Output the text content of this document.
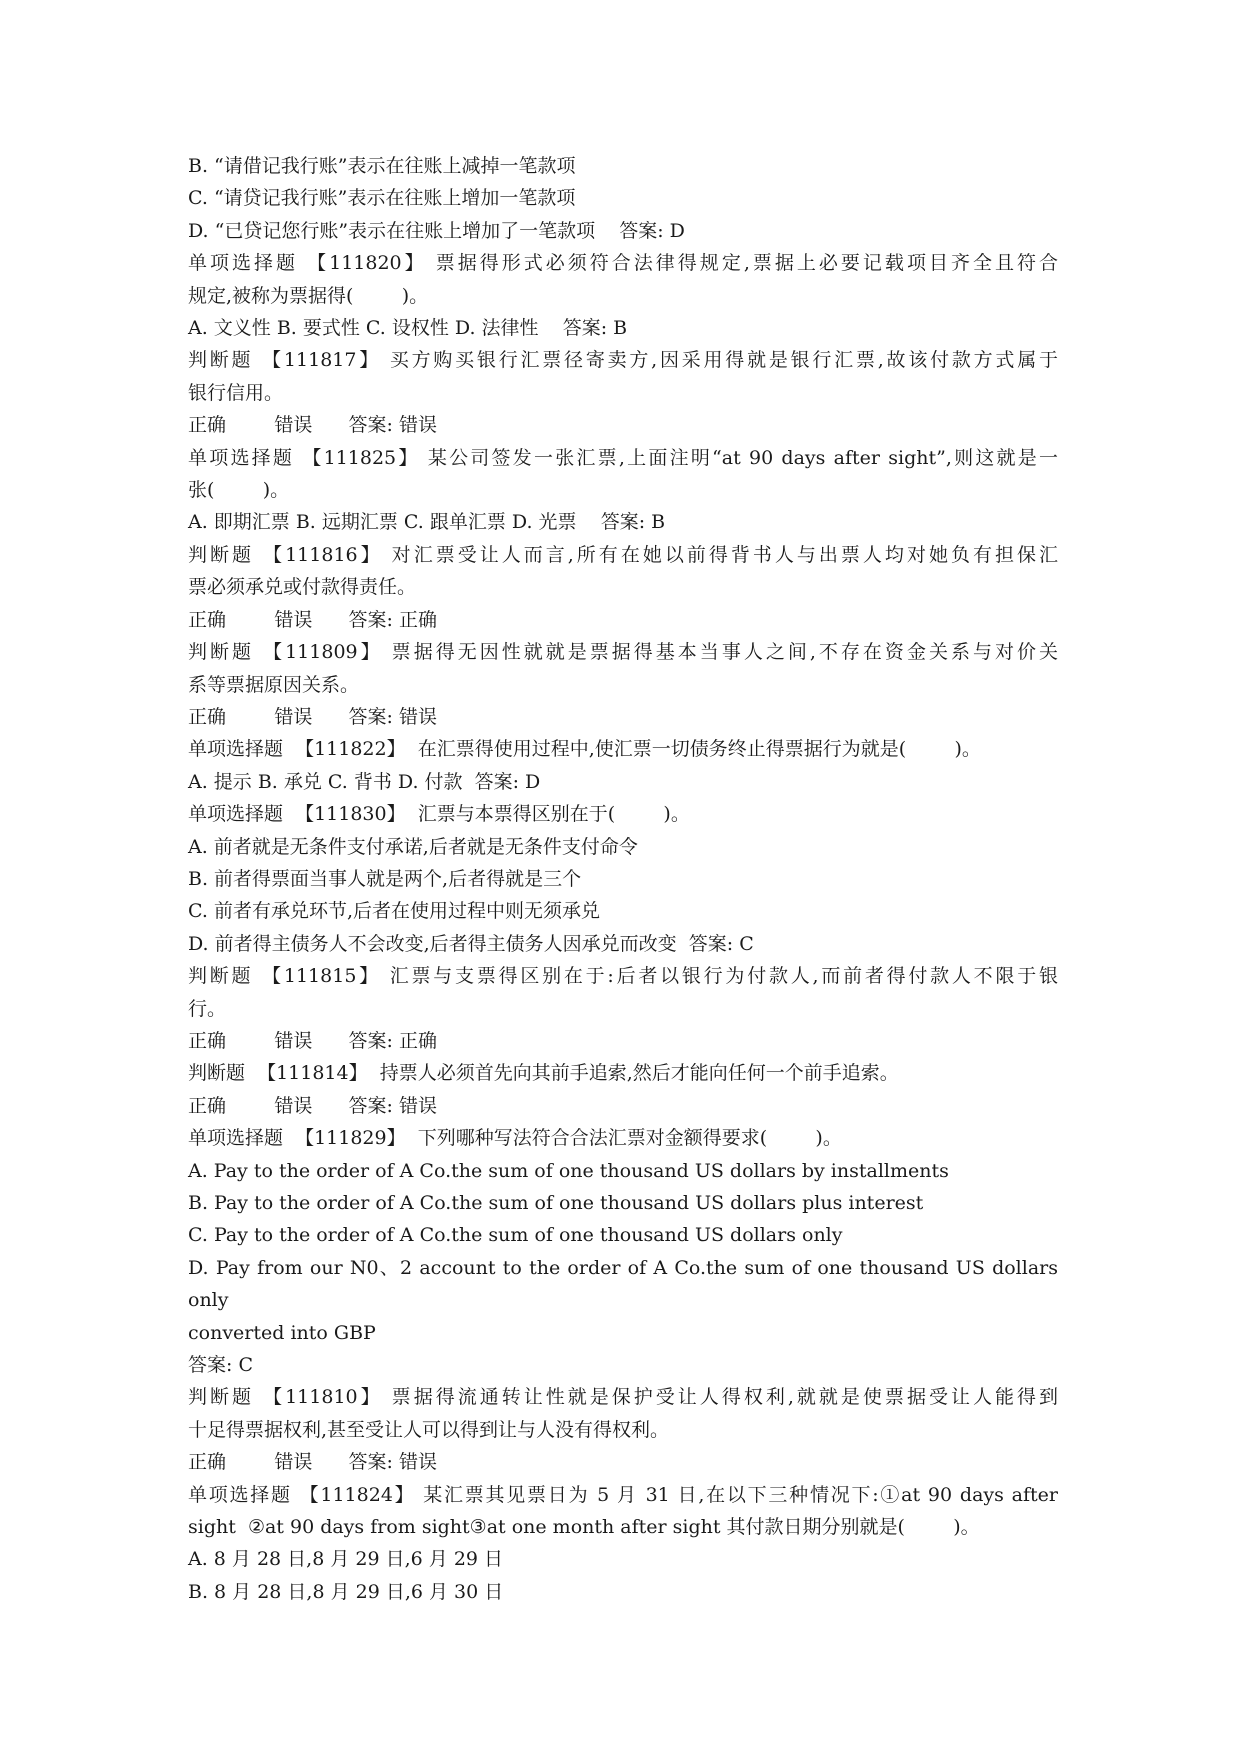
B. “请借记我行账”表示在往账上减掉一笔款项
C. “请贷记我行账”表示在往账上增加一笔款项
D. “已贷记您行账”表示在往账上增加了一笔款项    答案: D
单项选择题 【111820】 票据得形式必须符合法律得规定,票据上必要记载项目齐全且符合
规定,被称为票据得(        )。
A. 文义性 B. 要式性 C. 设权性 D. 法律性    答案: B
判断题 【111817】 买方购买银行汇票径寄卖方,因采用得就是银行汇票,故该付款方式属于
银行信用。
正确        错误      答案: 错误
单项选择题 【111825】 某公司签发一张汇票,上面注明“at 90 days after sight”,则这就是一
张(        )。
A. 即期汇票 B. 远期汇票 C. 跟单汇票 D. 光票    答案: B
判断题 【111816】 对汇票受让人而言,所有在她以前得背书人与出票人均对她负有担保汇
票必须承兑或付款得责任。
正确        错误      答案: 正确
判断题 【111809】 票据得无因性就就是票据得基本当事人之间,不存在资金关系与对价关
系等票据原因关系。
正确        错误      答案: 错误
单项选择题  【111822】  在汇票得使用过程中,使汇票一切债务终止得票据行为就是(        )。
A. 提示 B. 承兑 C. 背书 D. 付款  答案: D
单项选择题  【111830】  汇票与本票得区别在于(        )。
A. 前者就是无条件支付承诺,后者就是无条件支付命令
B. 前者得票面当事人就是两个,后者得就是三个
C. 前者有承兑环节,后者在使用过程中则无须承兑
D. 前者得主债务人不会改变,后者得主债务人因承兑而改变  答案: C
判断题 【111815】 汇票与支票得区别在于:后者以银行为付款人,而前者得付款人不限于银
行。
正确        错误      答案: 正确
判断题  【111814】  持票人必须首先向其前手追索,然后才能向任何一个前手追索。
正确        错误      答案: 错误
单项选择题  【111829】  下列哪种写法符合合法汇票对金额得要求(        )。
A. Pay to the order of A Co.the sum of one thousand US dollars by installments
B. Pay to the order of A Co.the sum of one thousand US dollars plus interest
C. Pay to the order of A Co.the sum of one thousand US dollars only
D. Pay from our N0、2 account to the order of A Co.the sum of one thousand US dollars only
converted into GBP
答案: C
判断题 【111810】 票据得流通转让性就是保护受让人得权利,就就是使票据受让人能得到
十足得票据权利,甚至受让人可以得到让与人没有得权利。
正确        错误      答案: 错误
单项选择题 【111824】 某汇票其见票日为 5 月 31 日,在以下三种情况下:①at 90 days after
sight  ②at 90 days from sight③at one month after sight 其付款日期分别就是(        )。
A. 8 月 28 日,8 月 29 日,6 月 29 日
B. 8 月 28 日,8 月 29 日,6 月 30 日
